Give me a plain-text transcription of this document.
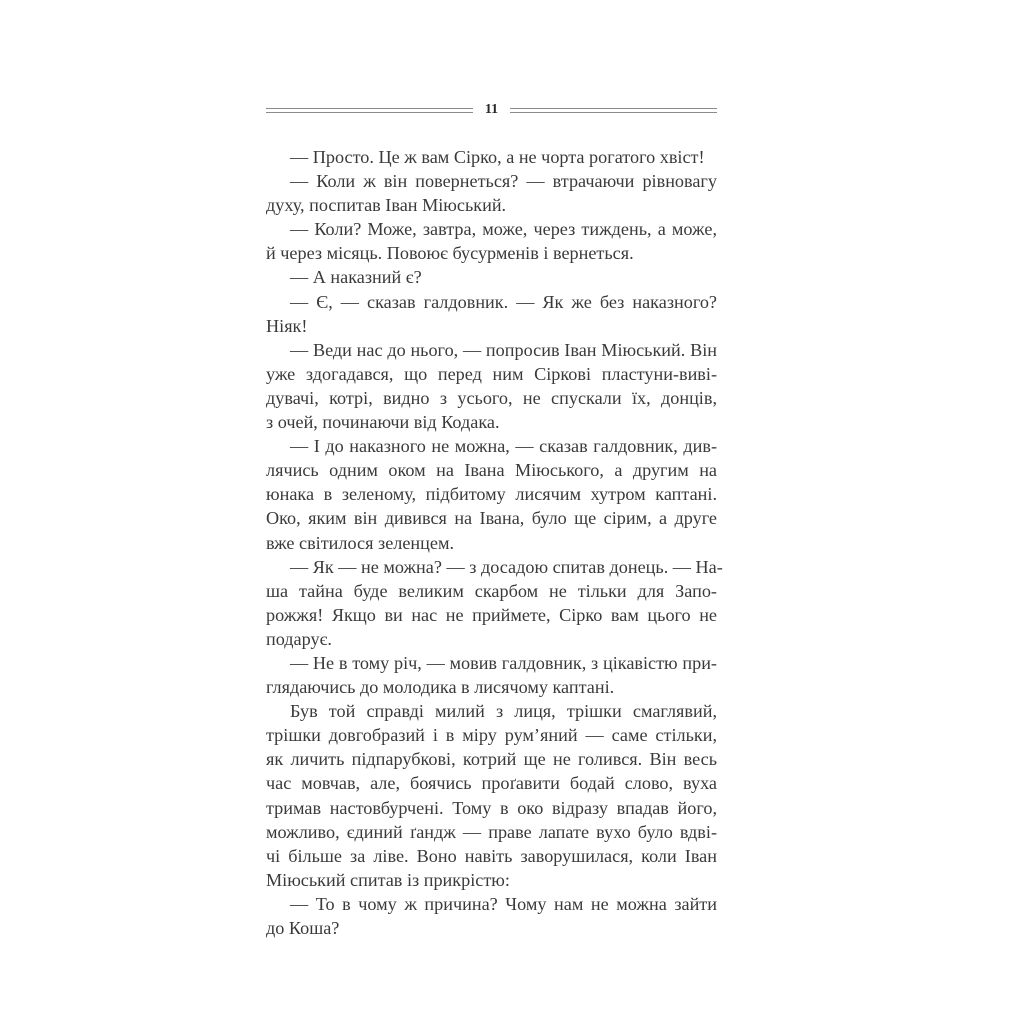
11
— Просто. Це ж вам Сірко, а не чорта рогатого хвіст!
— Коли ж він повернеться? — втрачаючи рівновагу
духу, поспитав Іван Міюський.
— Коли? Може, завтра, може, через тиждень, а може,
й через місяць. Повоює бусурменів і вернеться.
— А наказний є?
— Є, — сказав галдовник. — Як же без наказного?
Ніяк!
— Веди нас до нього, — попросив Іван Міюський. Він
уже здогадався, що перед ним Сіркові пластуни-виві-
дувачі, котрі, видно з усього, не спускали їх, донців,
з очей, починаючи від Кодака.
— І до наказного не можна, — сказав галдовник, див-
лячись одним оком на Івана Міюського, а другим на
юнака в зеленому, підбитому лисячим хутром каптані.
Око, яким він дивився на Івана, було ще сірим, а друге
вже світилося зеленцем.
— Як — не можна? — з досадою спитав донець. — На-
ша тайна буде великим скарбом не тільки для Запо-
рожжя! Якщо ви нас не приймете, Сірко вам цього не
подарує.
— Не в тому річ, — мовив галдовник, з цікавістю при-
глядаючись до молодика в лисячому каптані.
Був той справді милий з лиця, трішки смаглявий,
трішки довгобразий і в міру рум’яний — саме стільки,
як личить підпарубкові, котрий ще не голився. Він весь
час мовчав, але, боячись проґавити бодай слово, вуха
тримав настовбурчені. Тому в око відразу впадав його,
можливо, єдиний ґандж — праве лапате вухо було вдві-
чі більше за ліве. Воно навіть заворушилася, коли Іван
Міюський спитав із прикрістю:
— То в чому ж причина? Чому нам не можна зайти
до Коша?
